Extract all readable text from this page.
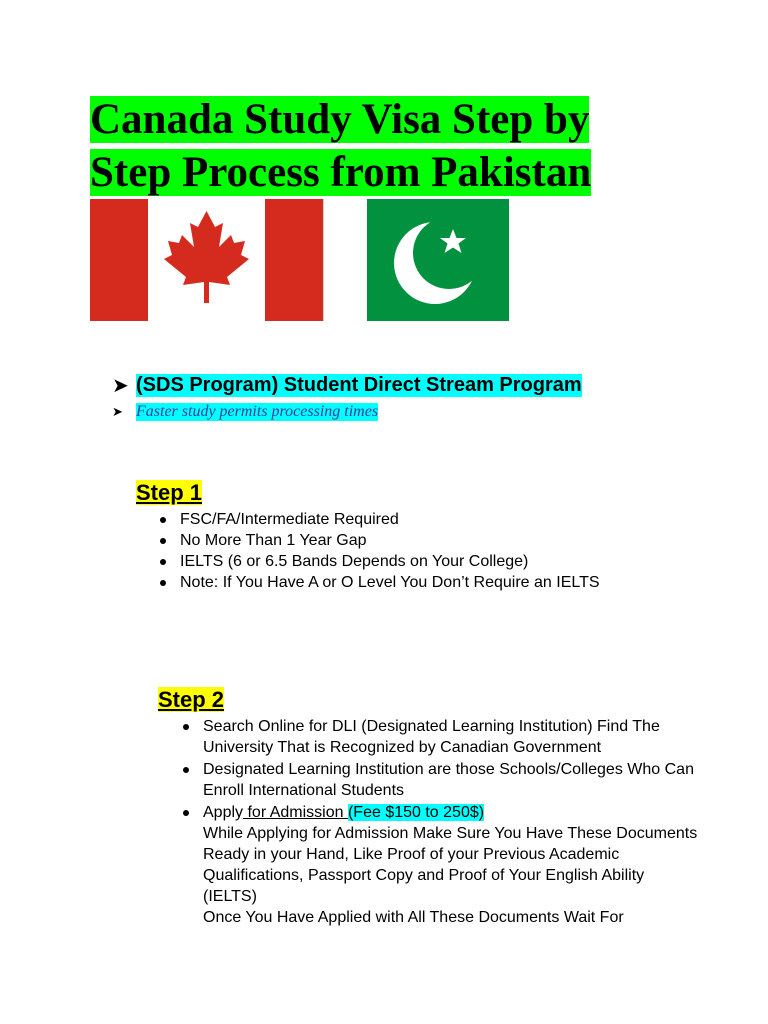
Canada Study Visa Step by
Step Process from Pakistan
➤ (SDS Program) Student Direct Stream Program
➤ Faster study permits processing times
Step 1
FSC/FA/Intermediate Required
No More Than 1 Year Gap
IELTS (6 or 6.5 Bands Depends on Your College)
Note: If You Have A or O Level You Don’t Require an IELTS
Step 2
Search Online for DLI (Designated Learning Institution) Find The University That is Recognized by Canadian Government
Designated Learning Institution are those Schools/Colleges Who Can Enroll International Students
Apply for Admission (Fee $150 to 250$)
While Applying for Admission Make Sure You Have These Documents Ready in your Hand, Like Proof of your Previous Academic Qualifications, Passport Copy and Proof of Your English Ability (IELTS)
Once You Have Applied with All These Documents Wait For
